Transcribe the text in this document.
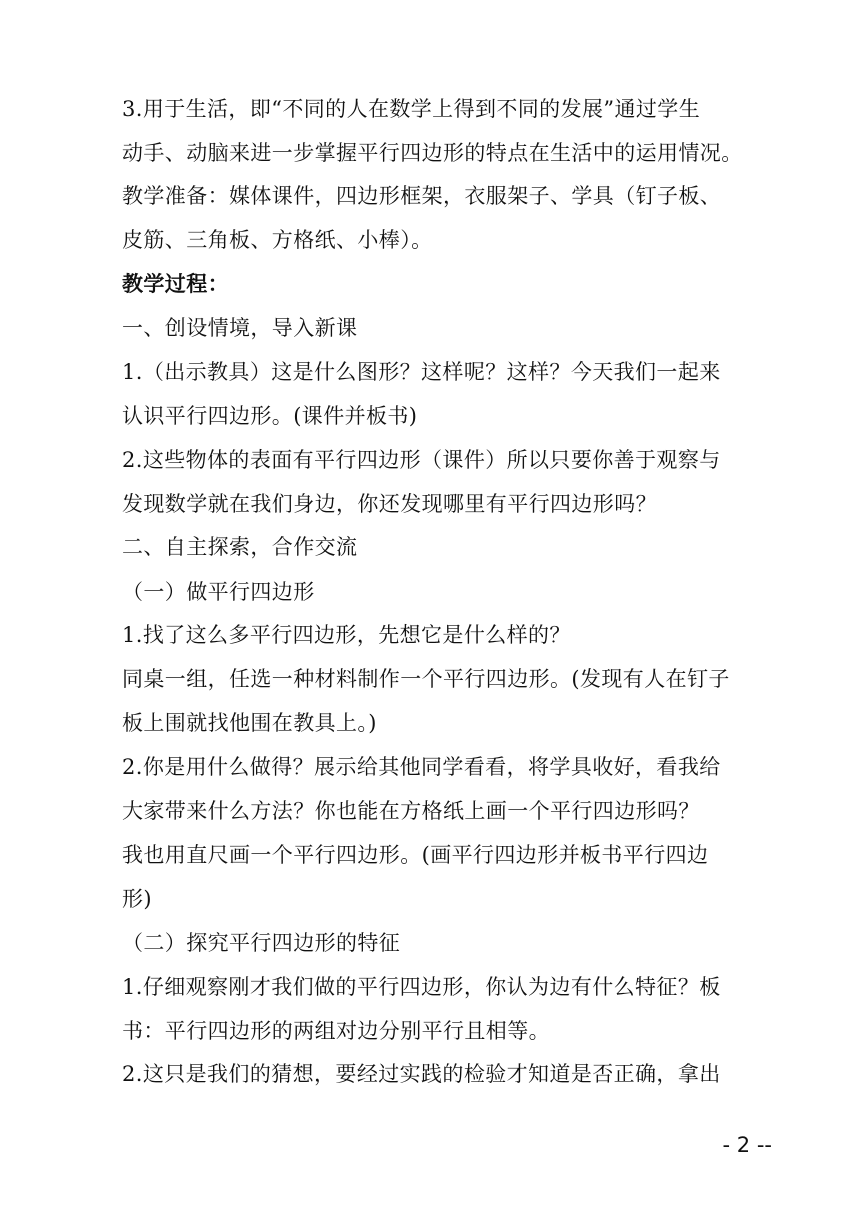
3.用于生活，即“不同的人在数学上得到不同的发展”通过学生
动手、动脑来进一步掌握平行四边形的特点在生活中的运用情况。
教学准备：媒体课件，四边形框架，衣服架子、学具（钉子板、
皮筋、三角板、方格纸、小棒）。
教学过程：
一、创设情境，导入新课
1.（出示教具）这是什么图形？这样呢？这样？今天我们一起来
认识平行四边形。(课件并板书)
2.这些物体的表面有平行四边形（课件）所以只要你善于观察与
发现数学就在我们身边，你还发现哪里有平行四边形吗？
二、自主探索，合作交流
（一）做平行四边形
1.找了这么多平行四边形，先想它是什么样的？
同桌一组，任选一种材料制作一个平行四边形。(发现有人在钉子
板上围就找他围在教具上。)
2.你是用什么做得？展示给其他同学看看，将学具收好，看我给
大家带来什么方法？你也能在方格纸上画一个平行四边形吗？
我也用直尺画一个平行四边形。(画平行四边形并板书平行四边
形)
（二）探究平行四边形的特征
1.仔细观察刚才我们做的平行四边形，你认为边有什么特征？板
书：平行四边形的两组对边分别平行且相等。
2.这只是我们的猜想，要经过实践的检验才知道是否正确，拿出
- 2 --
